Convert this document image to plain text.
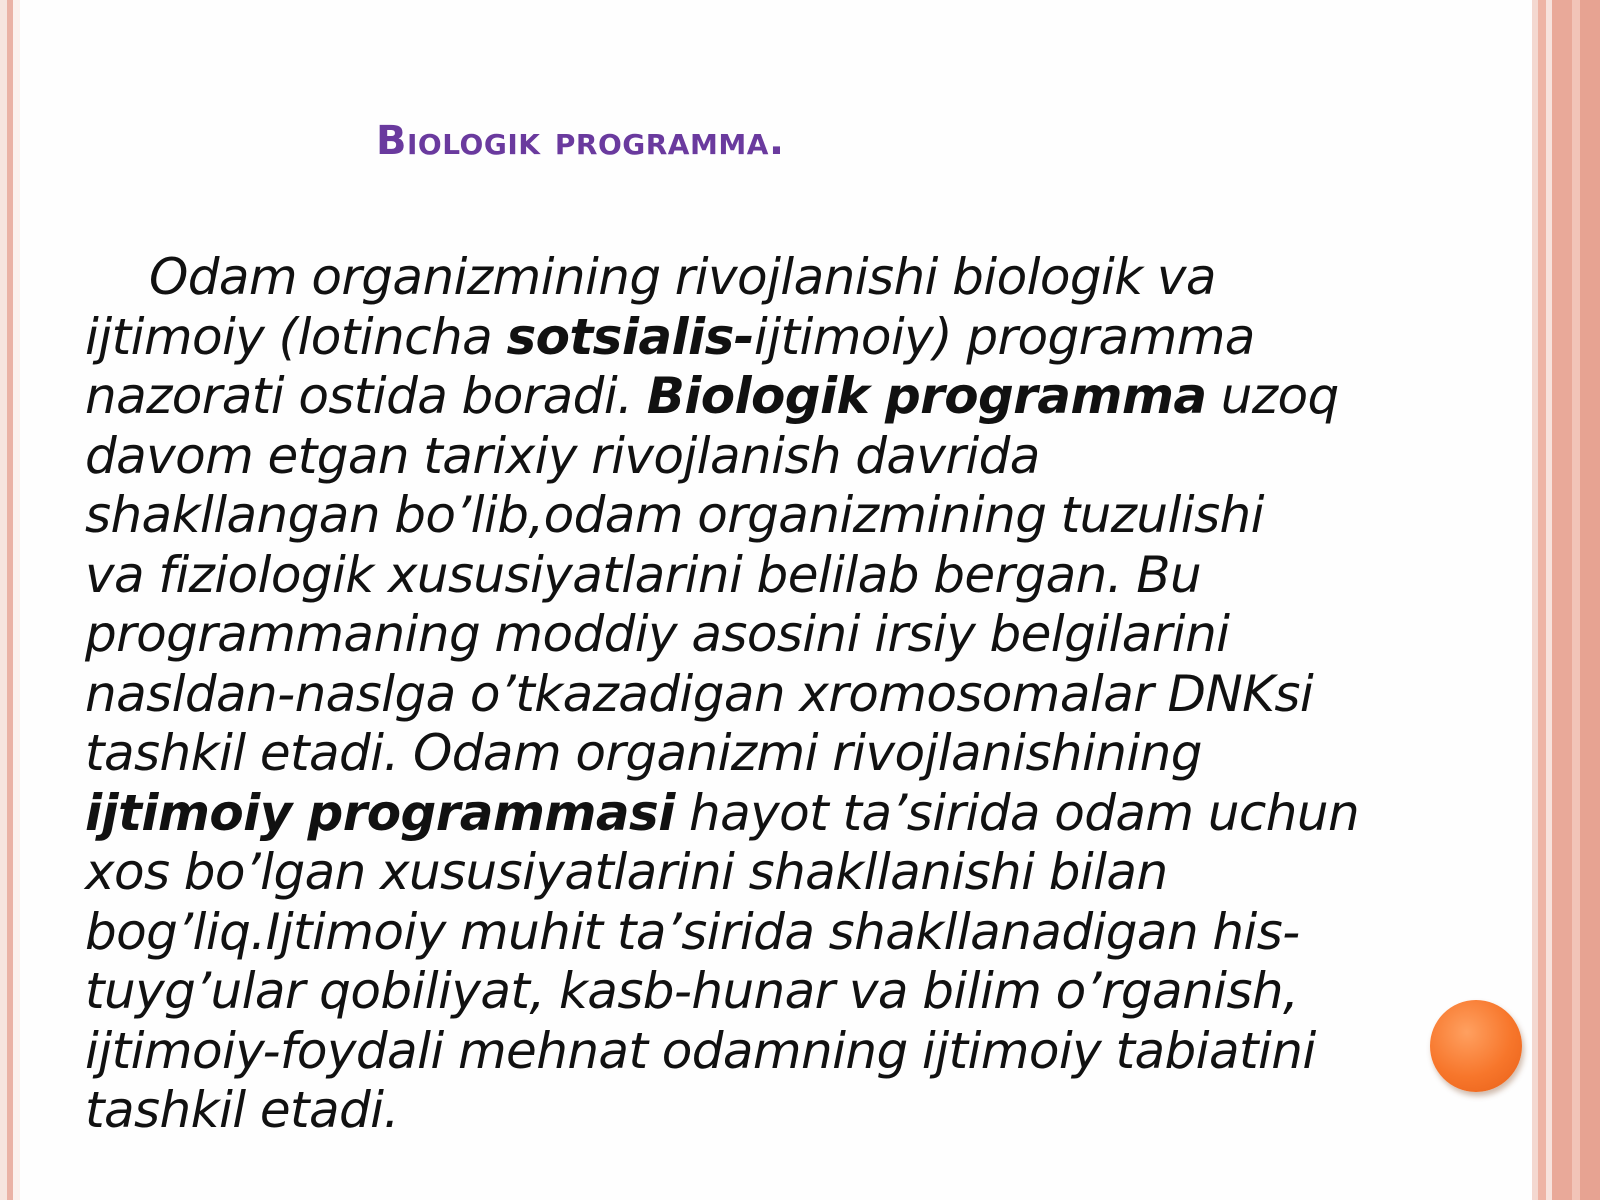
Biologik programma.
Odam organizmining rivojlanishi biologik va
ijtimoiy (lotincha sotsialis-ijtimoiy) programma
nazorati ostida boradi. Biologik programma uzoq
davom etgan tarixiy rivojlanish davrida
shakllangan bo’lib,odam organizmining tuzulishi
va fiziologik xususiyatlarini belilab bergan. Bu
programmaning moddiy asosini irsiy belgilarini
nasldan-naslga o’tkazadigan xromosomalar DNKsi
tashkil etadi. Odam organizmi rivojlanishining
ijtimoiy programmasi hayot ta’sirida odam uchun
xos bo’lgan xususiyatlarini shakllanishi bilan
bog’liq.Ijtimoiy muhit ta’sirida shakllanadigan his-
tuyg’ular qobiliyat, kasb-hunar va bilim o’rganish,
ijtimoiy-foydali mehnat odamning ijtimoiy tabiatini
tashkil etadi.
